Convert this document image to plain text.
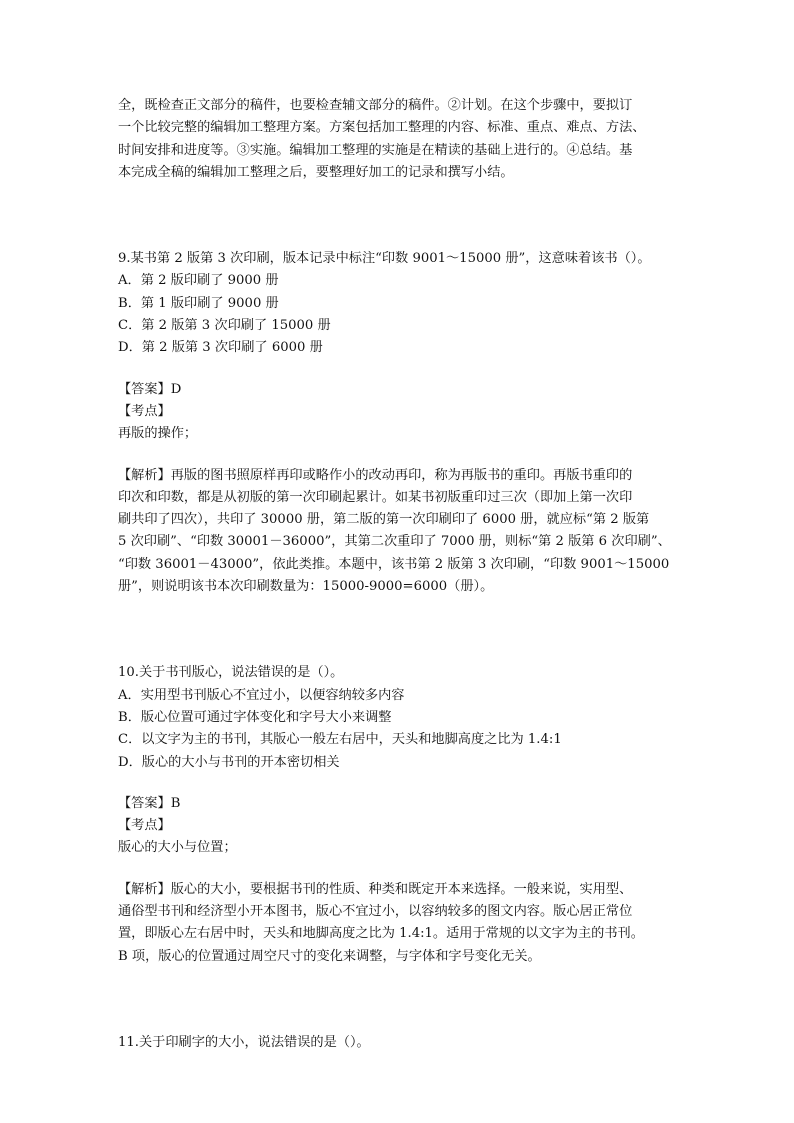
全，既检查正文部分的稿件，也要检查辅文部分的稿件。②计划。在这个步骤中，要拟订
一个比较完整的编辑加工整理方案。方案包括加工整理的内容、标准、重点、难点、方法、
时间安排和进度等。③实施。编辑加工整理的实施是在精读的基础上进行的。④总结。基
本完成全稿的编辑加工整理之后，要整理好加工的记录和撰写小结。
9.某书第 2 版第 3 次印刷，版本记录中标注“印数 9001～15000 册”，这意味着该书（）。
A．第 2 版印刷了 9000 册
B．第 1 版印刷了 9000 册
C．第 2 版第 3 次印刷了 15000 册
D．第 2 版第 3 次印刷了 6000 册
【答案】D
【考点】
再版的操作；
【解析】再版的图书照原样再印或略作小的改动再印，称为再版书的重印。再版书重印的
印次和印数，都是从初版的第一次印刷起累计。如某书初版重印过三次（即加上第一次印
刷共印了四次），共印了 30000 册，第二版的第一次印刷印了 6000 册，就应标“第 2 版第
5 次印刷”、“印数 30001－36000”，其第二次重印了 7000 册，则标“第 2 版第 6 次印刷”、
“印数 36001－43000”，依此类推。本题中，该书第 2 版第 3 次印刷，“印数 9001～15000
册”，则说明该书本次印刷数量为：15000-9000=6000（册）。
10.关于书刊版心，说法错误的是（）。
A．实用型书刊版心不宜过小，以便容纳较多内容
B．版心位置可通过字体变化和字号大小来调整
C．以文字为主的书刊，其版心一般左右居中，天头和地脚高度之比为 1.4:1
D．版心的大小与书刊的开本密切相关
【答案】B
【考点】
版心的大小与位置；
【解析】版心的大小，要根据书刊的性质、种类和既定开本来选择。一般来说，实用型、
通俗型书刊和经济型小开本图书，版心不宜过小，以容纳较多的图文内容。版心居正常位
置，即版心左右居中时，天头和地脚高度之比为 1.4:1。适用于常规的以文字为主的书刊。
B 项，版心的位置通过周空尺寸的变化来调整，与字体和字号变化无关。
11.关于印刷字的大小，说法错误的是（）。
